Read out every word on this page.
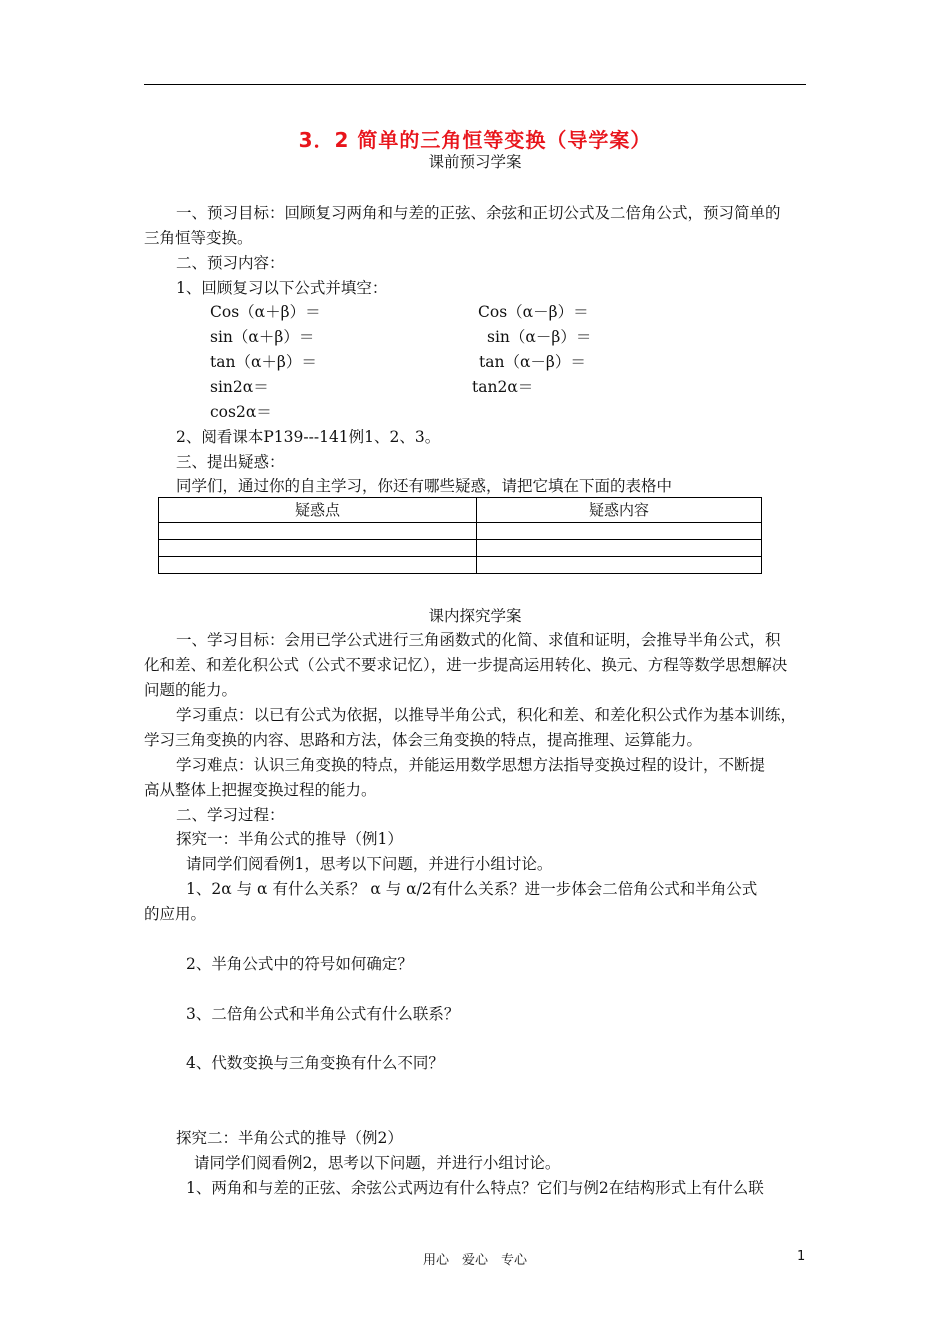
3．2 简单的三角恒等变换（导学案）
课前预习学案
一、预习目标：回顾复习两角和与差的正弦、余弦和正切公式及二倍角公式，预习简单的
三角恒等变换。
二、预习内容：
1、回顾复习以下公式并填空：
Cos（α＋β）＝	Cos（α－β）＝
sin（α＋β）＝	sin（α－β）＝
tan（α＋β）＝	tan（α－β）＝
sin2α＝	tan2α＝
cos2α＝
2、阅看课本P139---141例1、2、3。
三、提出疑惑：
同学们，通过你的自主学习，你还有哪些疑惑，请把它填在下面的表格中
疑惑点	疑惑内容

课内探究学案
一、学习目标：会用已学公式进行三角函数式的化简、求值和证明，会推导半角公式，积
化和差、和差化积公式（公式不要求记忆），进一步提高运用转化、换元、方程等数学思想解决
问题的能力。
学习重点：以已有公式为依据，以推导半角公式，积化和差、和差化积公式作为基本训练，
学习三角变换的内容、思路和方法，体会三角变换的特点，提高推理、运算能力。
学习难点：认识三角变换的特点，并能运用数学思想方法指导变换过程的设计，不断提
高从整体上把握变换过程的能力。
二、学习过程：
探究一：半角公式的推导（例1）
请同学们阅看例1，思考以下问题，并进行小组讨论。
1、2α 与 α 有什么关系？ α 与 α/2有什么关系？进一步体会二倍角公式和半角公式
的应用。
2、半角公式中的符号如何确定？
3、二倍角公式和半角公式有什么联系？
4、代数变换与三角变换有什么不同？
探究二：半角公式的推导（例2）
请同学们阅看例2，思考以下问题，并进行小组讨论。
1、两角和与差的正弦、余弦公式两边有什么特点？它们与例2在结构形式上有什么联
用心　爱心　专心	1
